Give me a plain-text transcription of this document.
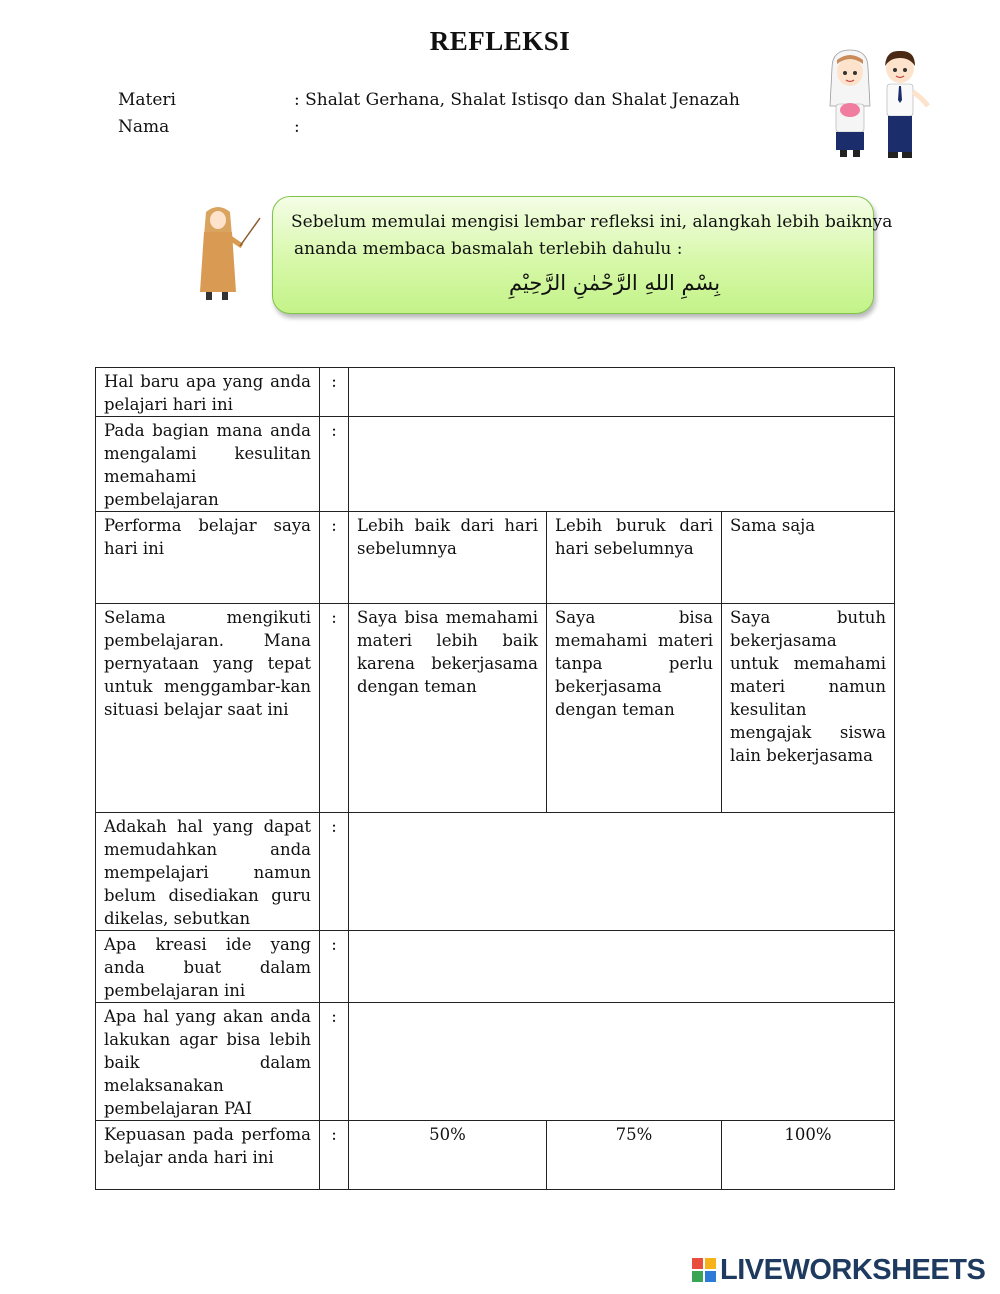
REFLEKSI
Materi	: Shalat Gerhana, Shalat Istisqo dan Shalat Jenazah
Nama	:
Sebelum memulai mengisi lembar refleksi ini, alangkah lebih baiknya
ananda membaca basmalah terlebih dahulu :
بِسْمِ اللهِ الرَّحْمٰنِ الرَّحِيْمِ
Hal baru apa yang anda pelajari hari ini	:			
Pada bagian mana anda mengalami kesulitan memahami pembelajaran	:			
Performa belajar saya hari ini	:	Lebih baik dari hari sebelumnya	Lebih buruk dari hari sebelumnya	Sama saja
Selama mengikuti pembelajaran. Mana pernyataan yang tepat untuk menggambar-kan situasi belajar saat ini	:	Saya bisa memahami materi lebih baik karena bekerjasama dengan teman	Saya bisa memahami materi tanpa perlu bekerjasama dengan teman	Saya butuh bekerjasama untuk memahami materi namun kesulitan mengajak siswa lain bekerjasama
Adakah hal yang dapat memudahkan anda mempelajari namun belum disediakan guru dikelas, sebutkan	:			
Apa kreasi ide yang anda buat dalam pembelajaran ini	:			
Apa hal yang akan anda lakukan agar bisa lebih baik dalam melaksanakan pembelajaran PAI	:			
Kepuasan pada perfoma belajar anda hari ini	:	50%	75%	100%
LIVEWORKSHEETS
